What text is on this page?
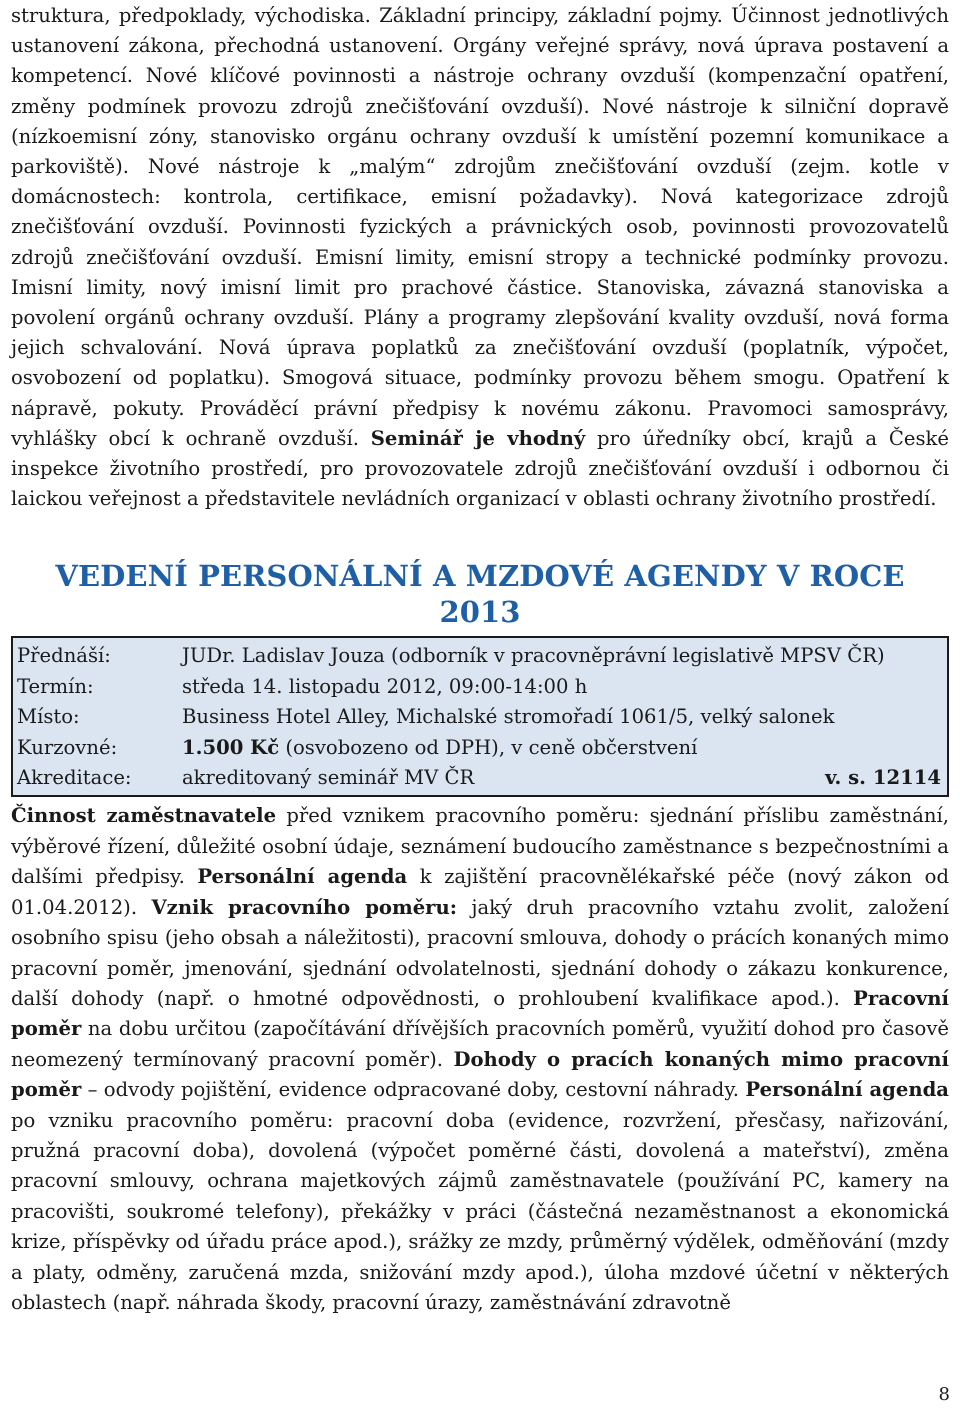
struktura, předpoklady, východiska. Základní principy, základní pojmy. Účinnost jednotlivých ustanovení zákona, přechodná ustanovení. Orgány veřejné správy, nová úprava postavení a kompetencí. Nové klíčové povinnosti a nástroje ochrany ovzduší (kompenzační opatření, změny podmínek provozu zdrojů znečišťování ovzduší). Nové nástroje k silniční dopravě (nízkoemisní zóny, stanovisko orgánu ochrany ovzduší k umístění pozemní komunikace a parkoviště). Nové nástroje k „malým“ zdrojům znečišťování ovzduší (zejm. kotle v domácnostech: kontrola, certifikace, emisní požadavky). Nová kategorizace zdrojů znečišťování ovzduší. Povinnosti fyzických a právnických osob, povinnosti provozovatelů zdrojů znečišťování ovzduší. Emisní limity, emisní stropy a technické podmínky provozu. Imisní limity, nový imisní limit pro prachové částice. Stanoviska, závazná stanoviska a povolení orgánů ochrany ovzduší. Plány a programy zlepšování kvality ovzduší, nová forma jejich schvalování. Nová úprava poplatků za znečišťování ovzduší (poplatník, výpočet, osvobození od poplatku). Smogová situace, podmínky provozu během smogu. Opatření k nápravě, pokuty. Prováděcí právní předpisy k novému zákonu. Pravomoci samosprávy, vyhlášky obcí k ochraně ovzduší. Seminář je vhodný pro úředníky obcí, krajů a České inspekce životního prostředí, pro provozovatele zdrojů znečišťování ovzduší i odbornou či laickou veřejnost a představitele nevládních organizací v oblasti ochrany životního prostředí.

VEDENÍ PERSONÁLNÍ A MZDOVÉ AGENDY V ROCE 2013
Přednáší:	JUDr. Ladislav Jouza (odborník v pracovněprávní legislativě MPSV ČR)
Termín:	středa 14. listopadu 2012, 09:00-14:00 h
Místo:	Business Hotel Alley, Michalské stromořadí 1061/5, velký salonek
Kurzovné:	1.500 Kč (osvobozeno od DPH), v ceně občerstvení
Akreditace:	akreditovaný seminář MV ČR	v. s. 12114

Činnost zaměstnavatele před vznikem pracovního poměru: sjednání příslibu zaměstnání, výběrové řízení, důležité osobní údaje, seznámení budoucího zaměstnance s bezpečnostními a dalšími předpisy. Personální agenda k zajištění pracovnělékařské péče (nový zákon od 01.04.2012). Vznik pracovního poměru: jaký druh pracovního vztahu zvolit, založení osobního spisu (jeho obsah a náležitosti), pracovní smlouva, dohody o prácích konaných mimo pracovní poměr, jmenování, sjednání odvolatelnosti, sjednání dohody o zákazu konkurence, další dohody (např. o hmotné odpovědnosti, o prohloubení kvalifikace apod.). Pracovní poměr na dobu určitou (započítávání dřívějších pracovních poměrů, využití dohod pro časově neomezený termínovaný pracovní poměr). Dohody o pracích konaných mimo pracovní poměr – odvody pojištění, evidence odpracované doby, cestovní náhrady. Personální agenda po vzniku pracovního poměru: pracovní doba (evidence, rozvržení, přesčasy, nařizování, pružná pracovní doba), dovolená (výpočet poměrné části, dovolená a mateřství), změna pracovní smlouvy, ochrana majetkových zájmů zaměstnavatele (používání PC, kamery na pracovišti, soukromé telefony), překážky v práci (částečná nezaměstnanost a ekonomická krize, příspěvky od úřadu práce apod.), srážky ze mzdy, průměrný výdělek, odměňování (mzdy a platy, odměny, zaručená mzda, snižování mzdy apod.), úloha mzdové účetní v některých oblastech (např. náhrada škody, pracovní úrazy, zaměstnávání zdravotně

8
